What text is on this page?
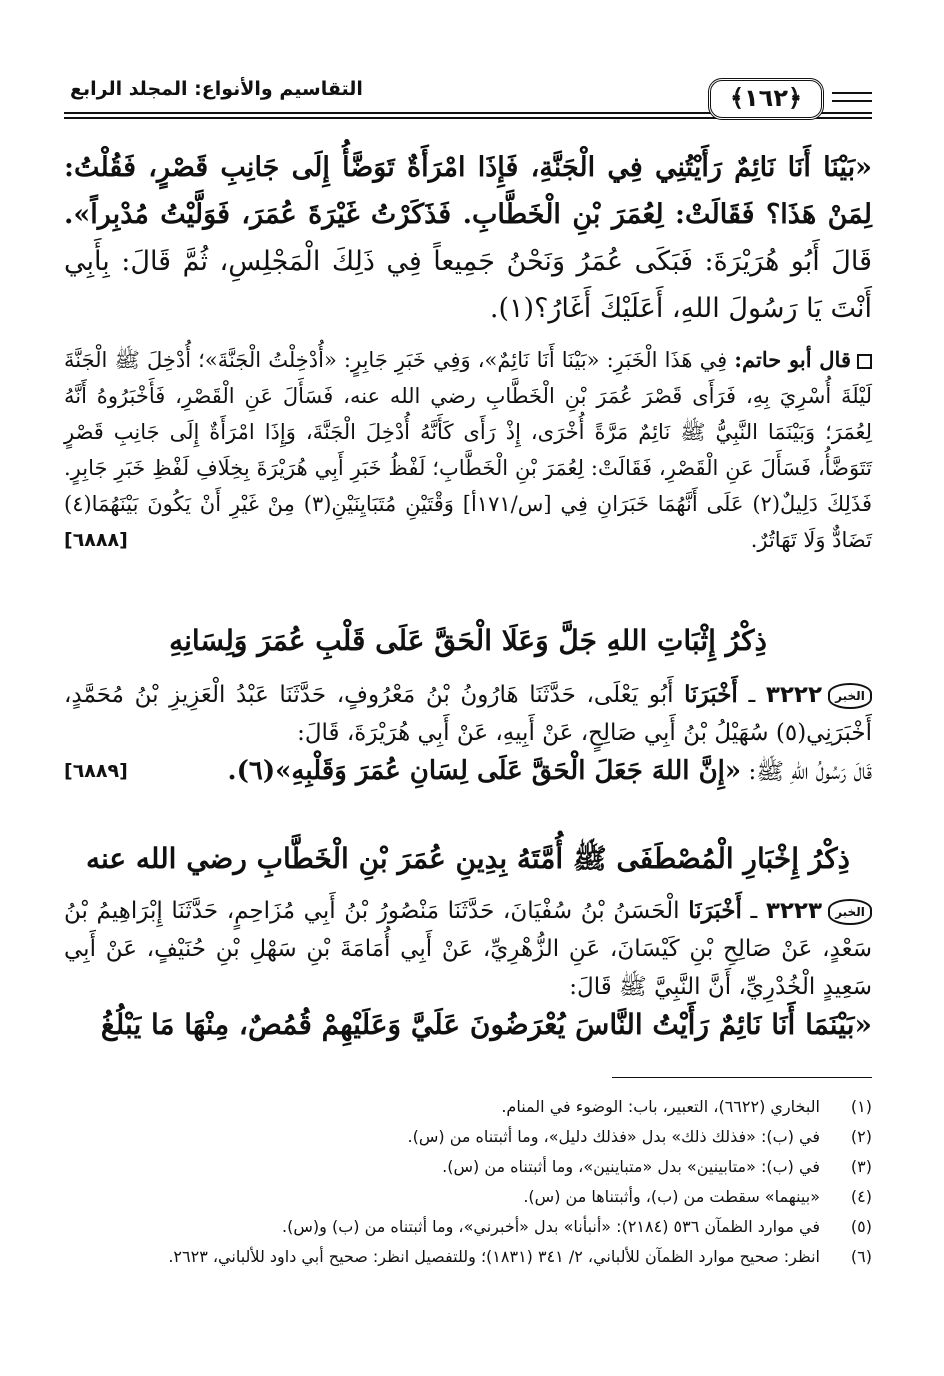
﴿١٦٢﴾
التقاسيم والأنواع: المجلد الرابع
«بَيْنَا أَنَا نَائِمٌ رَأَيْتُنِي فِي الْجَنَّةِ، فَإِذَا امْرَأَةٌ تَوَضَّأُ إِلَى جَانِبِ قَصْرٍ، فَقُلْتُ: لِمَنْ هَذَا؟ فَقَالَتْ: لِعُمَرَ بْنِ الْخَطَّابِ. فَذَكَرْتُ غَيْرَةَ عُمَرَ، فَوَلَّيْتُ مُدْبِراً». قَالَ أَبُو هُرَيْرَةَ: فَبَكَى عُمَرُ وَنَحْنُ جَمِيعاً فِي ذَلِكَ الْمَجْلِسِ، ثُمَّ قَالَ: بِأَبِي أَنْتَ يَا رَسُولَ اللهِ، أَعَلَيْكَ أَغَارُ؟(١).
قال أبو حاتم: فِي هَذَا الْخَبَرِ: «بَيْنَا أَنَا نَائِمٌ»، وَفِي خَبَرِ جَابِرٍ: «أُدْخِلْتُ الْجَنَّةَ»؛ أُدْخِلَ ﷺ الْجَنَّةَ لَيْلَةَ أُسْرِيَ بِهِ، فَرَأَى قَصْرَ عُمَرَ بْنِ الْخَطَّابِ رضي الله عنه، فَسَأَلَ عَنِ الْقَصْرِ، فَأَخْبَرُوهُ أَنَّهُ لِعُمَرَ؛ وَبَيْنَمَا النَّبِيُّ ﷺ نَائِمٌ مَرَّةً أُخْرَى، إِذْ رَأَى كَأَنَّهُ أُدْخِلَ الْجَنَّةَ، وَإِذَا امْرَأَةٌ إِلَى جَانِبِ قَصْرٍ تَتَوَضَّأُ، فَسَأَلَ عَنِ الْقَصْرِ، فَقَالَتْ: لِعُمَرَ بْنِ الْخَطَّابِ؛ لَفْظُ خَبَرِ أَبِي هُرَيْرَةَ بِخِلَافِ لَفْظِ خَبَرِ جَابِرٍ. فَذَلِكَ دَلِيلٌ(٢) عَلَى أَنَّهُمَا خَبَرَانِ فِي [س/١٧١أ] وَقْتَيْنِ مُتَبَايِنَيْنِ(٣) مِنْ غَيْرِ أَنْ يَكُونَ بَيْنَهُمَا(٤) تَضَادٌّ وَلَا تَهَاتُرٌ.
[٦٨٨٨]
ذِكْرُ إِثْبَاتِ اللهِ جَلَّ وَعَلَا الْحَقَّ عَلَى قَلْبِ عُمَرَ وَلِسَانِهِ
الخبر٣٢٢٢ ـ أَخْبَرَنَا أَبُو يَعْلَى، حَدَّثَنَا هَارُونُ بْنُ مَعْرُوفٍ، حَدَّثَنَا عَبْدُ الْعَزِيزِ بْنُ مُحَمَّدٍ، أَخْبَرَنِي(٥) سُهَيْلُ بْنُ أَبِي صَالِحٍ، عَنْ أَبِيهِ، عَنْ أَبِي هُرَيْرَةَ، قَالَ:
قَالَ رَسُولُ اللهِ ﷺ: «إِنَّ اللهَ جَعَلَ الْحَقَّ عَلَى لِسَانِ عُمَرَ وَقَلْبِهِ»(٦).
[٦٨٨٩]
ذِكْرُ إِخْبَارِ الْمُصْطَفَى ﷺ أُمَّتَهُ بِدِينِ عُمَرَ بْنِ الْخَطَّابِ رضي الله عنه
الخبر٣٢٢٣ ـ أَخْبَرَنَا الْحَسَنُ بْنُ سُفْيَانَ، حَدَّثَنَا مَنْصُورُ بْنُ أَبِي مُزَاحِمٍ، حَدَّثَنَا إِبْرَاهِيمُ بْنُ سَعْدٍ، عَنْ صَالِحِ بْنِ كَيْسَانَ، عَنِ الزُّهْرِيِّ، عَنْ أَبِي أُمَامَةَ بْنِ سَهْلِ بْنِ حُنَيْفٍ، عَنْ أَبِي سَعِيدٍ الْخُدْرِيِّ، أَنَّ النَّبِيَّ ﷺ قَالَ:
«بَيْنَمَا أَنَا نَائِمٌ رَأَيْتُ النَّاسَ يُعْرَضُونَ عَلَيَّ وَعَلَيْهِمْ قُمُصٌ، مِنْهَا مَا يَبْلُغُ
(١)
البخاري (٦٦٢٢)، التعبير، باب: الوضوء في المنام.
(٢)
في (ب): «فذلك ذلك» بدل «فذلك دليل»، وما أثبتناه من (س).
(٣)
في (ب): «متابينين» بدل «متباينين»، وما أثبتناه من (س).
(٤)
«بينهما» سقطت من (ب)، وأثبتناها من (س).
(٥)
في موارد الظمآن ٥٣٦ (٢١٨٤): «أنبأنا» بدل «أخبرني»، وما أثبتناه من (ب) و(س).
(٦)
انظر: صحيح موارد الظمآن للألباني، ٢/ ٣٤١ (١٨٣١)؛ وللتفصيل انظر: صحيح أبي داود للألباني، ٢٦٢٣.
